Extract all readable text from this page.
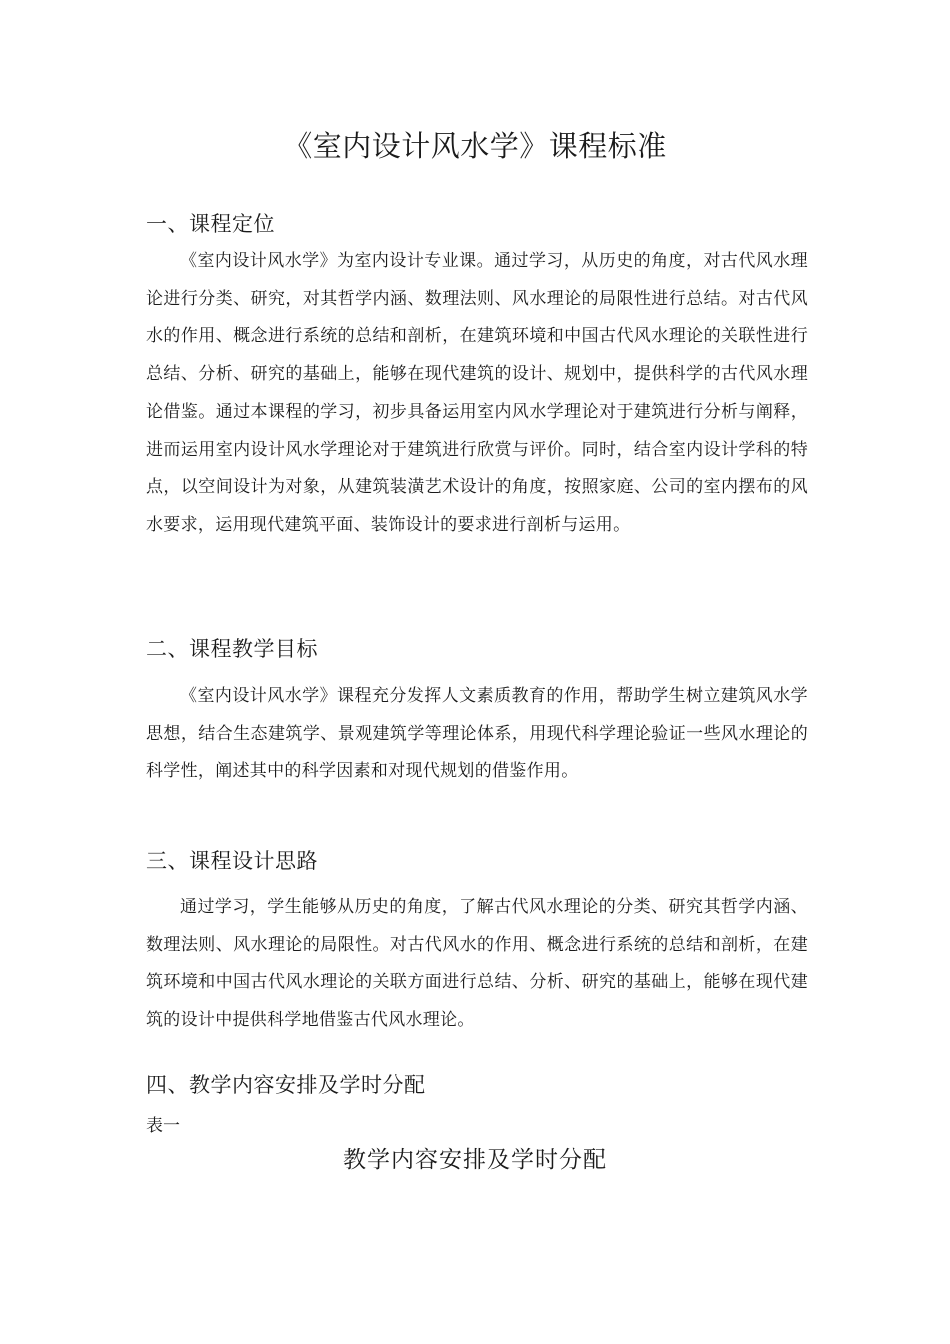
《室内设计风水学》课程标准
一、课程定位

《室内设计风水学》为室内设计专业课。通过学习，从历史的角度，对古代风水理论进行分类、研究，对其哲学内涵、数理法则、风水理论的局限性进行总结。对古代风水的作用、概念进行系统的总结和剖析，在建筑环境和中国古代风水理论的关联性进行总结、分析、研究的基础上，能够在现代建筑的设计、规划中，提供科学的古代风水理论借鉴。通过本课程的学习，初步具备运用室内风水学理论对于建筑进行分析与阐释，进而运用室内设计风水学理论对于建筑进行欣赏与评价。同时，结合室内设计学科的特点，以空间设计为对象，从建筑装潢艺术设计的角度，按照家庭、公司的室内摆布的风水要求，运用现代建筑平面、装饰设计的要求进行剖析与运用。

二、课程教学目标

《室内设计风水学》课程充分发挥人文素质教育的作用，帮助学生树立建筑风水学思想，结合生态建筑学、景观建筑学等理论体系，用现代科学理论验证一些风水理论的科学性，阐述其中的科学因素和对现代规划的借鉴作用。

三、课程设计思路

通过学习，学生能够从历史的角度，了解古代风水理论的分类、研究其哲学内涵、数理法则、风水理论的局限性。对古代风水的作用、概念进行系统的总结和剖析，在建筑环境和中国古代风水理论的关联方面进行总结、分析、研究的基础上，能够在现代建筑的设计中提供科学地借鉴古代风水理论。

四、教学内容安排及学时分配

表一

教学内容安排及学时分配
